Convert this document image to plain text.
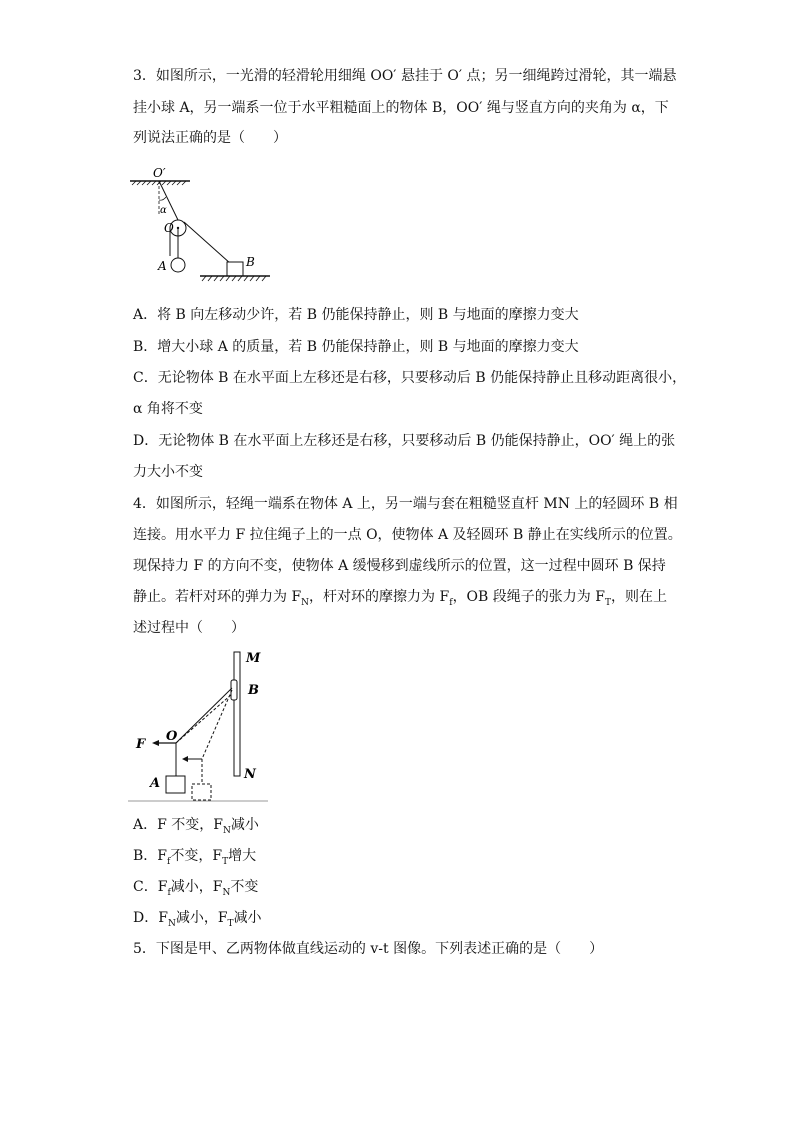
3．如图所示，一光滑的轻滑轮用细绳 OO′ 悬挂于 O′ 点；另一细绳跨过滑轮，其一端悬
挂小球 A，另一端系一位于水平粗糙面上的物体 B，OO′ 绳与竖直方向的夹角为 α，下
列说法正确的是（　　）
O′
α
O
A	B
A．将 B 向左移动少许，若 B 仍能保持静止，则 B 与地面的摩擦力变大
B．增大小球 A 的质量，若 B 仍能保持静止，则 B 与地面的摩擦力变大
C．无论物体 B 在水平面上左移还是右移，只要移动后 B 仍能保持静止且移动距离很小，
α 角将不变
D．无论物体 B 在水平面上左移还是右移，只要移动后 B 仍能保持静止，OO′ 绳上的张
力大小不变
4．如图所示，轻绳一端系在物体 A 上，另一端与套在粗糙竖直杆 MN 上的轻圆环 B 相
连接。用水平力 F 拉住绳子上的一点 O，使物体 A 及轻圆环 B 静止在实线所示的位置。
现保持力 F 的方向不变，使物体 A 缓慢移到虚线所示的位置，这一过程中圆环 B 保持
静止。若杆对环的弹力为 $F_N$，杆对环的摩擦力为 $F_f$，OB 段绳子的张力为 $F_T$，则在上
述过程中（　　）
M
B
N
O
F
A
A．F 不变，$F_N$减小
B．$F_f$不变，$F_T$增大
C．$F_f$减小，$F_N$不变
D．$F_N$减小，$F_T$减小
5．下图是甲、乙两物体做直线运动的 v-t 图像。下列表述正确的是（　　）
